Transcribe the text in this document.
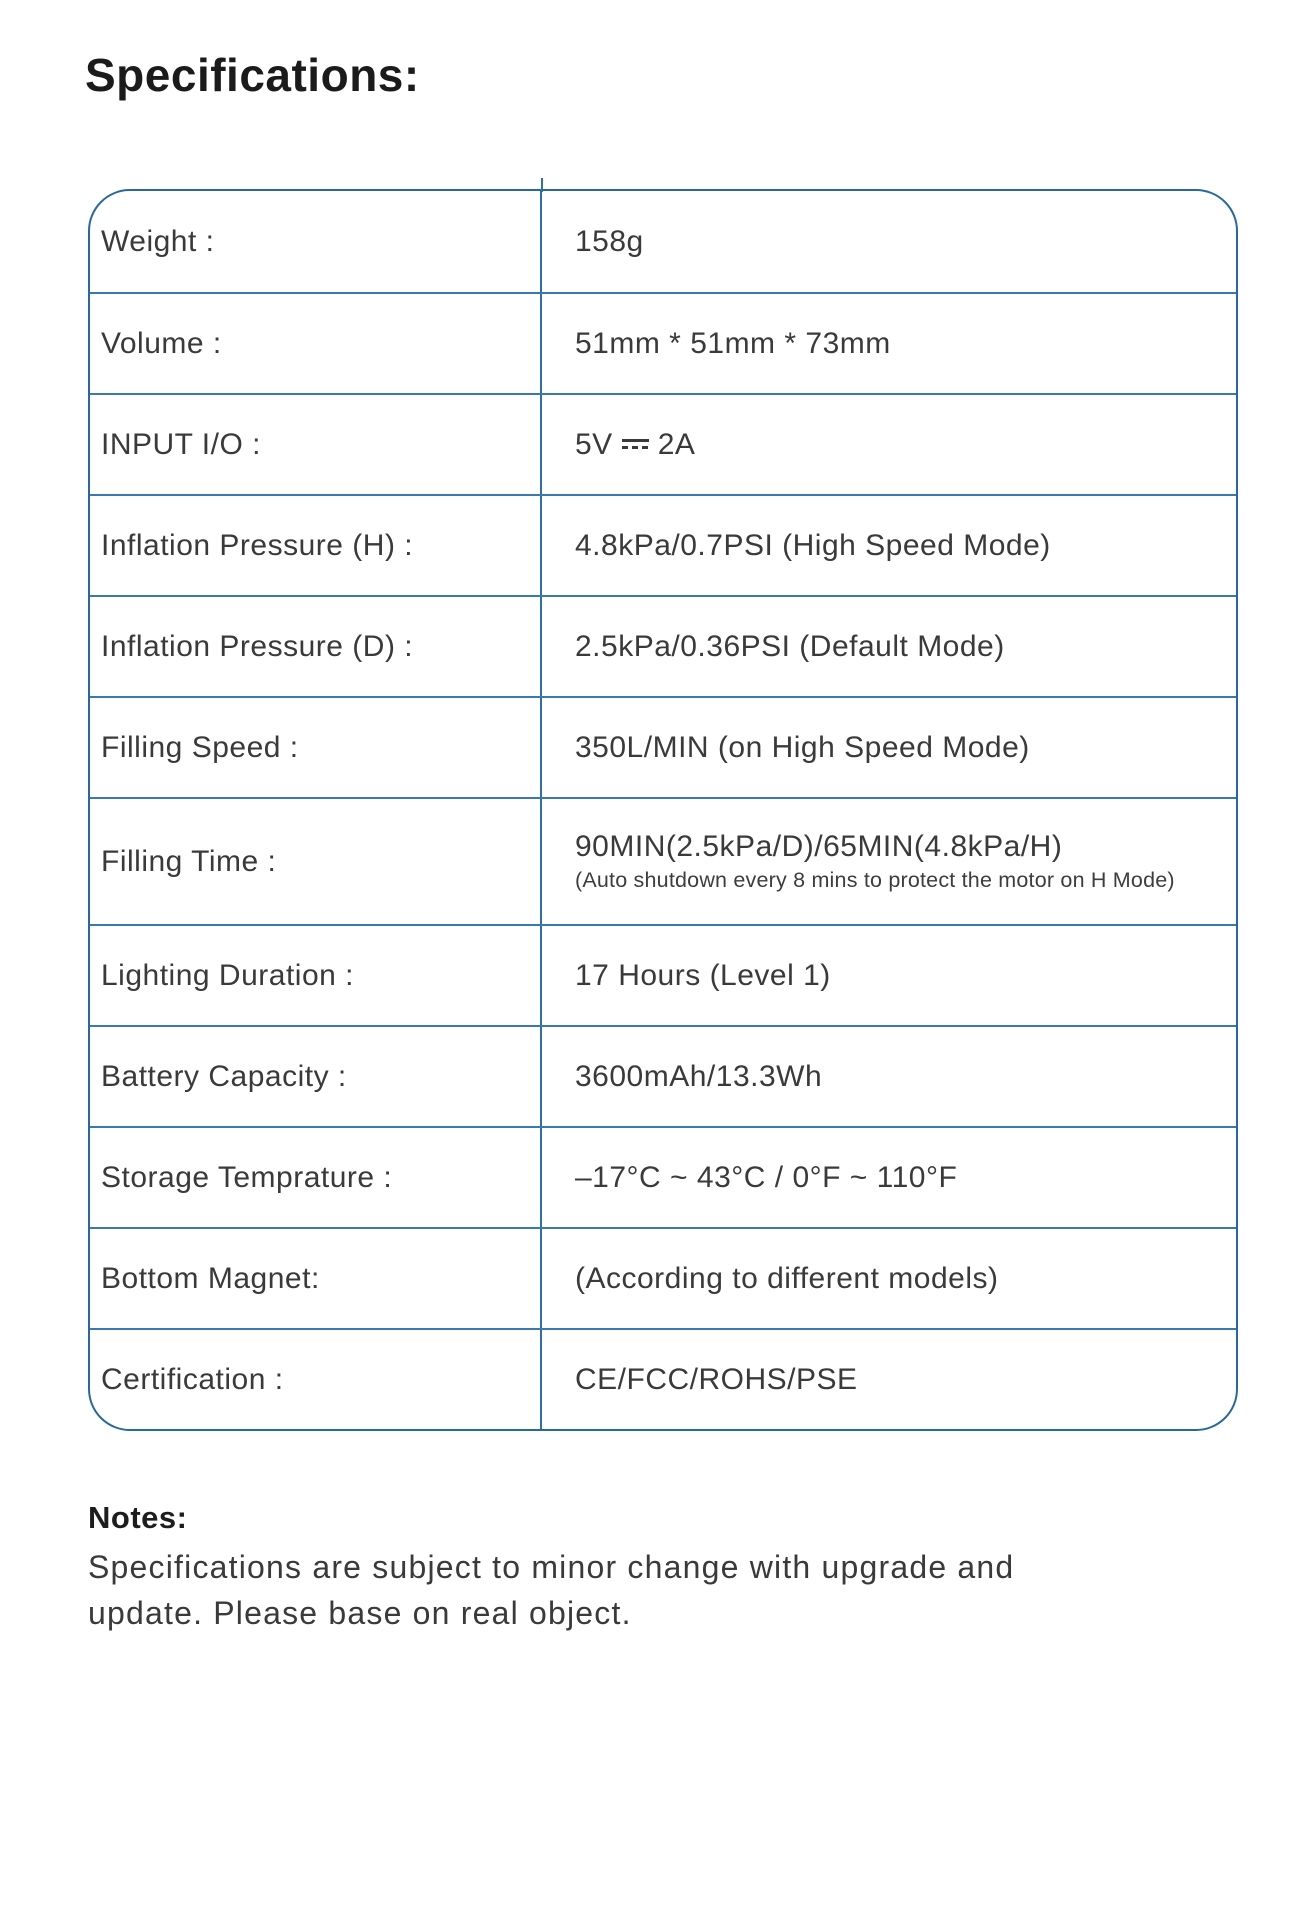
Specifications:
Weight :	158g
Volume :	51mm * 51mm * 73mm
INPUT I/O :	5V 2A
Inflation Pressure (H) :	4.8kPa/0.7PSI (High Speed Mode)
Inflation Pressure (D) :	2.5kPa/0.36PSI (Default Mode)
Filling Speed :	350L/MIN (on High Speed Mode)
Filling Time :	90MIN(2.5kPa/D)/65MIN(4.8kPa/H)
(Auto shutdown every 8 mins to protect the motor on H Mode)
Lighting Duration :	17 Hours (Level 1)
Battery Capacity :	3600mAh/13.3Wh
Storage Temprature :	–17°C ~ 43°C / 0°F ~ 110°F
Bottom Magnet:	(According to different models)
Certification :	CE/FCC/ROHS/PSE
Notes:
Specifications are subject to minor change with upgrade and
update. Please base on real object.
